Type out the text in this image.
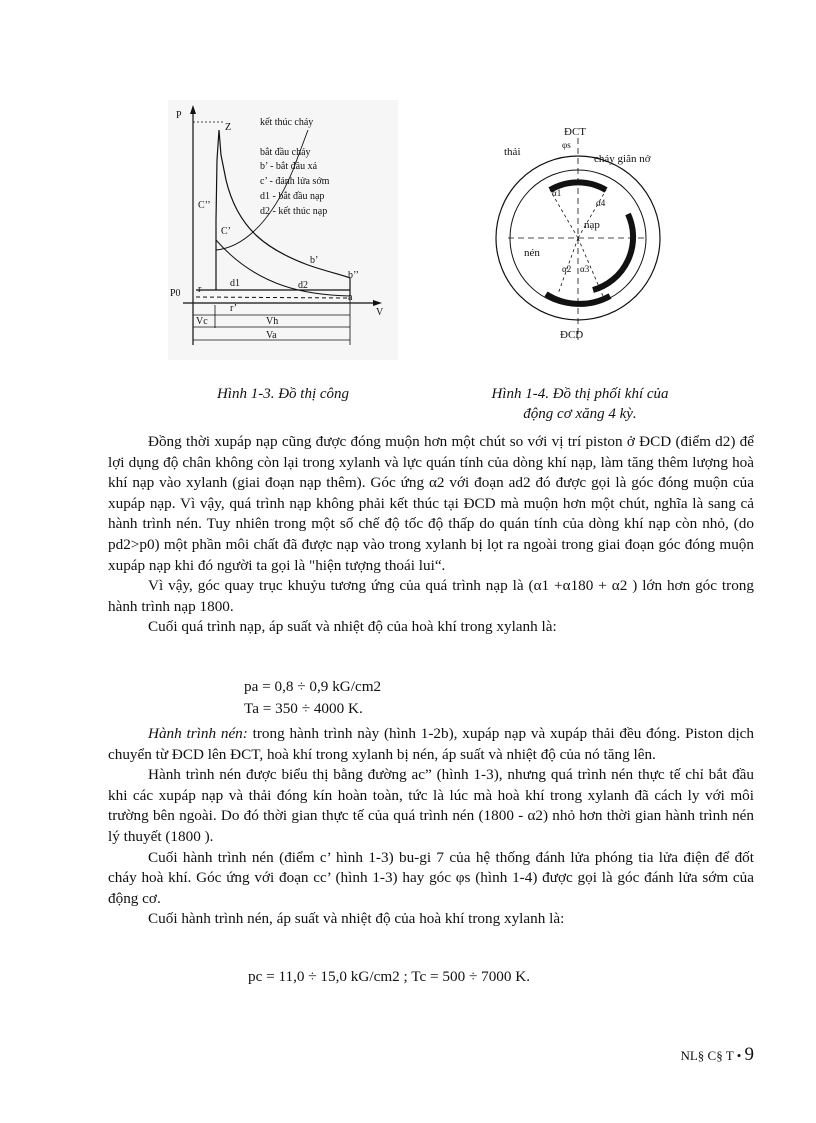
P
Z	kết thúc cháy
bắt đầu cháy
b’ - bắt đầu xả
c’ - đánh lửa sớm
d1 - bắt đầu nạp
d2 - kết thúc nạp
C’’
C’
b’
b’’
P0
d1	d2
a
r
r’	V
Vc	Vh
Va
ĐCT
thải
φs
cháy giãn nở
α1
α4
nạp
nén
α2 α3
ĐCD
Hình 1-3. Đồ thị công	Hình 1-4. Đồ thị phối khí của
động cơ xăng 4 kỳ.

Đồng thời xupáp nạp cũng được đóng muộn hơn một chút so với vị trí piston ở ĐCD (điểm d2) để lợi dụng độ chân không còn lại trong xylanh và lực quán tính của dòng khí nạp, làm tăng thêm lượng hoà khí nạp vào xylanh (giai đoạn nạp thêm). Góc ứng α2 với đoạn ad2 đó được gọi là góc đóng muộn của xupáp nạp. Vì vậy, quá trình nạp không phải kết thúc tại ĐCD mà muộn hơn một chút, nghĩa là sang cả hành trình nén. Tuy nhiên trong một số chế độ tốc độ thấp do quán tính của dòng khí nạp còn nhỏ, (do pd2>p0) một phần môi chất đã được nạp vào trong xylanh bị lọt ra ngoài trong giai đoạn góc đóng muộn xupáp nạp khi đó người ta gọi là "hiện tượng thoái lui“.

Vì vậy, góc quay trục khuỷu tương ứng của quá trình nạp là (α1 +α180 + α2 ) lớn hơn góc trong hành trình nạp 1800.

Cuối quá trình nạp, áp suất và nhiệt độ của hoà khí trong xylanh là:

pa = 0,8 ÷ 0,9 kG/cm2
Ta = 350 ÷ 4000 K.

Hành trình nén: trong hành trình này (hình 1-2b), xupáp nạp và xupáp thải đều đóng. Piston dịch chuyển từ ĐCD lên ĐCT, hoà khí trong xylanh bị nén, áp suất và nhiệt độ của nó tăng lên.

Hành trình nén được biểu thị bằng đường ac” (hình 1-3), nhưng quá trình nén thực tế chỉ bắt đầu khi các xupáp nạp và thải đóng kín hoàn toàn, tức là lúc mà hoà khí trong xylanh đã cách ly với môi trường bên ngoài. Do đó thời gian thực tế của quá trình nén (1800 - α2) nhỏ hơn thời gian hành trình nén lý thuyết (1800 ).

Cuối hành trình nén (điểm c’ hình 1-3) bu-gi 7 của hệ thống đánh lửa phóng tia lửa điện để đốt cháy hoà khí. Góc ứng với đoạn cc’ (hình 1-3) hay góc φs (hình 1-4) được gọi là góc đánh lửa sớm của động cơ.

Cuối hành trình nén, áp suất và nhiệt độ của hoà khí trong xylanh là:

pc = 11,0 ÷ 15,0 kG/cm2 ; Tc = 500 ÷ 7000 K.
NL§ C§ T • 9
